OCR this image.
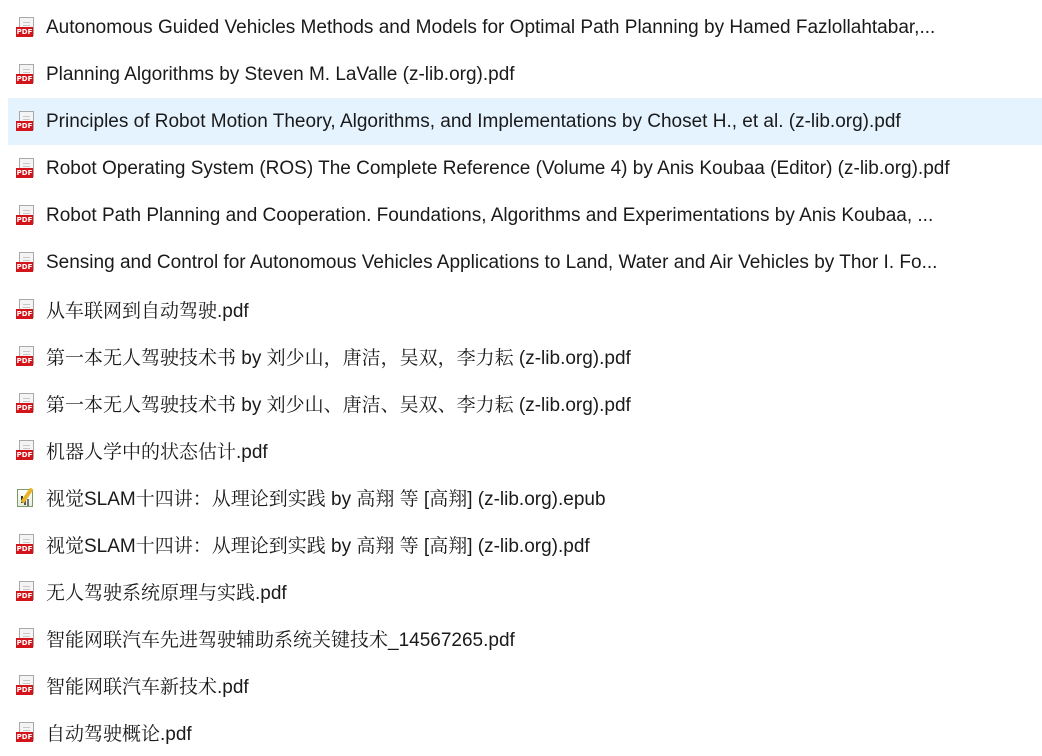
PDF Autonomous Guided Vehicles Methods and Models for Optimal Path Planning by Hamed Fazlollahtabar,...
PDF Planning Algorithms by Steven M. LaValle (z-lib.org).pdf
PDF Principles of Robot Motion Theory, Algorithms, and Implementations by Choset H., et al. (z-lib.org).pdf
PDF Robot Operating System (ROS) The Complete Reference (Volume 4) by Anis Koubaa (Editor) (z-lib.org).pdf
PDF Robot Path Planning and Cooperation. Foundations, Algorithms and Experimentations by Anis Koubaa, ...
PDF Sensing and Control for Autonomous Vehicles Applications to Land, Water and Air Vehicles by Thor I. Fo...
PDF 从车联网到自动驾驶.pdf
PDF 第一本无人驾驶技术书 by 刘少山，唐洁，吴双，李力耘 (z-lib.org).pdf
PDF 第一本无人驾驶技术书 by 刘少山、唐洁、吴双、李力耘 (z-lib.org).pdf
PDF 机器人学中的状态估计.pdf
视觉SLAM十四讲：从理论到实践 by 高翔 等 [高翔] (z-lib.org).epub
PDF 视觉SLAM十四讲：从理论到实践 by 高翔 等 [高翔] (z-lib.org).pdf
PDF 无人驾驶系统原理与实践.pdf
PDF 智能网联汽车先进驾驶辅助系统关键技术_14567265.pdf
PDF 智能网联汽车新技术.pdf
PDF 自动驾驶概论.pdf
